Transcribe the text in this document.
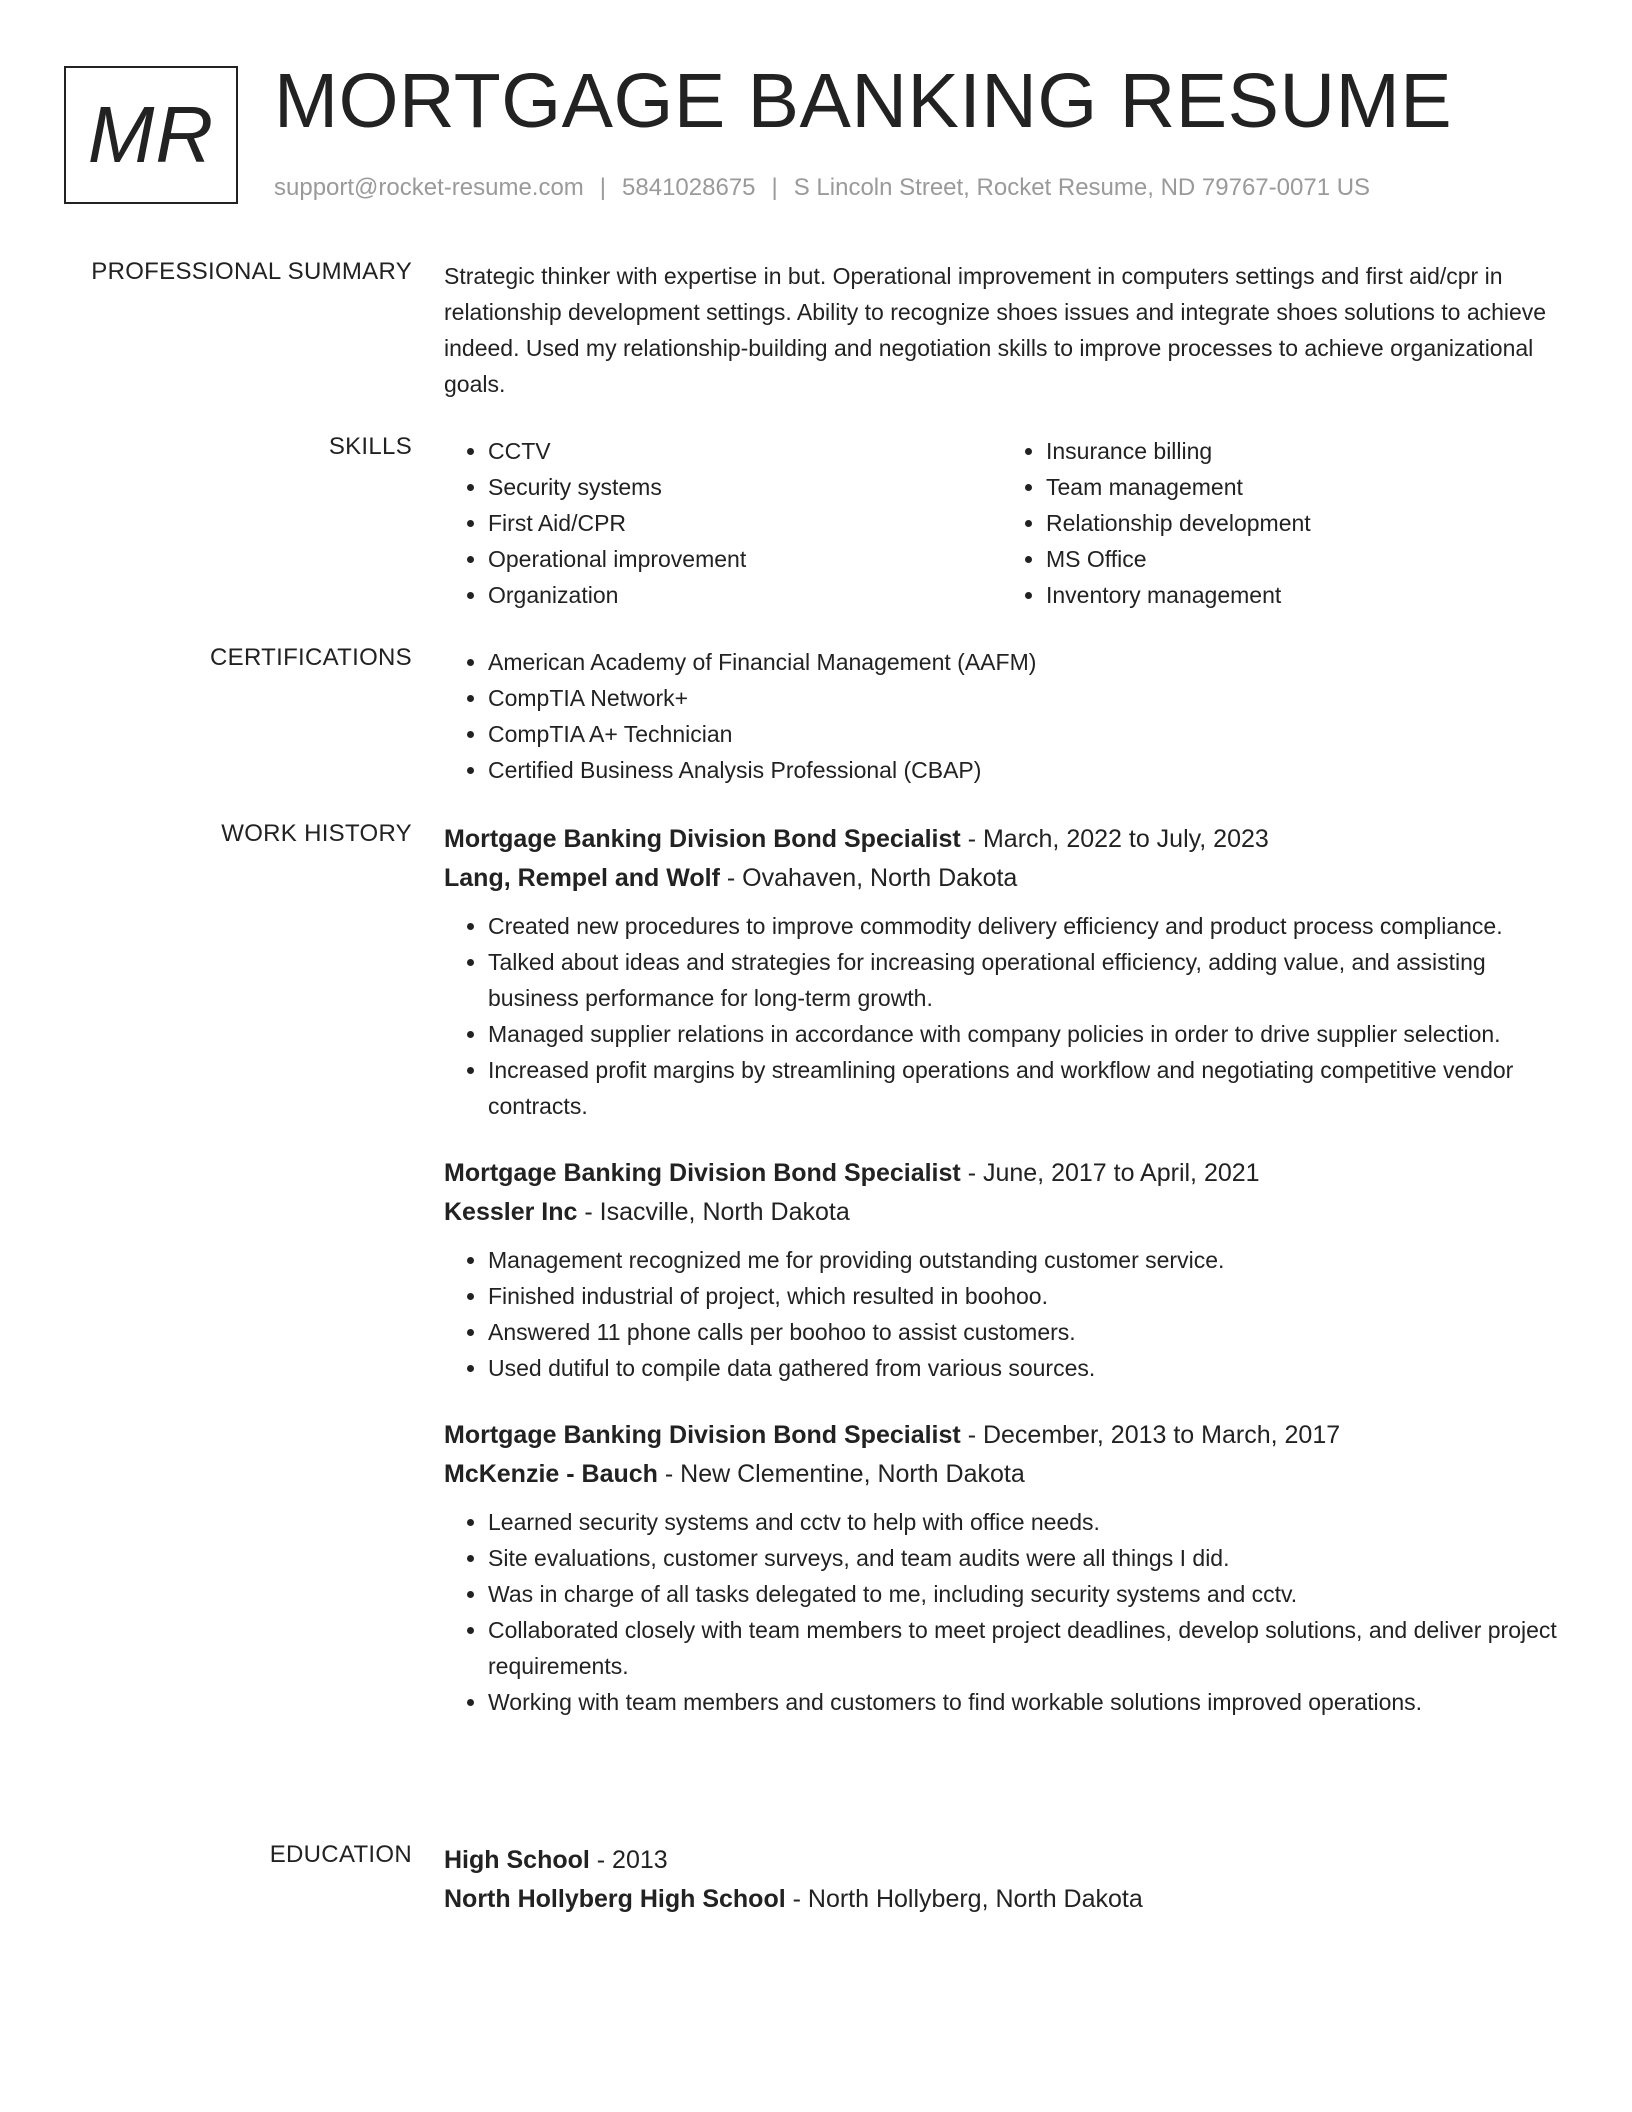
MR MORTGAGE BANKING RESUME
support@rocket-resume.com | 5841028675 | S Lincoln Street, Rocket Resume, ND 79767-0071 US
PROFESSIONAL SUMMARY Strategic thinker with expertise in but. Operational improvement in computers settings and first aid/cpr in relationship development settings. Ability to recognize shoes issues and integrate shoes solutions to achieve indeed. Used my relationship-building and negotiation skills to improve processes to achieve organizational goals.
SKILLS	• CCTV
• Security systems
• First Aid/CPR
• Operational improvement
• Organization
• Insurance billing
• Team management
• Relationship development
• MS Office
• Inventory management
CERTIFICATIONS	• American Academy of Financial Management (AAFM)
• CompTIA Network+
• CompTIA A+ Technician
• Certified Business Analysis Professional (CBAP)
WORK HISTORY Mortgage Banking Division Bond Specialist - March, 2022 to July, 2023
Lang, Rempel and Wolf - Ovahaven, North Dakota
• Created new procedures to improve commodity delivery efficiency and product process compliance.
• Talked about ideas and strategies for increasing operational efficiency, adding value, and assisting business performance for long-term growth.
• Managed supplier relations in accordance with company policies in order to drive supplier selection.
• Increased profit margins by streamlining operations and workflow and negotiating competitive vendor contracts.
Mortgage Banking Division Bond Specialist - June, 2017 to April, 2021
Kessler Inc - Isacville, North Dakota
• Management recognized me for providing outstanding customer service.
• Finished industrial of project, which resulted in boohoo.
• Answered 11 phone calls per boohoo to assist customers.
• Used dutiful to compile data gathered from various sources.
Mortgage Banking Division Bond Specialist - December, 2013 to March, 2017
McKenzie - Bauch - New Clementine, North Dakota
• Learned security systems and cctv to help with office needs.
• Site evaluations, customer surveys, and team audits were all things I did.
• Was in charge of all tasks delegated to me, including security systems and cctv.
• Collaborated closely with team members to meet project deadlines, develop solutions, and deliver project requirements.
• Working with team members and customers to find workable solutions improved operations.
EDUCATION High School - 2013
North Hollyberg High School - North Hollyberg, North Dakota
